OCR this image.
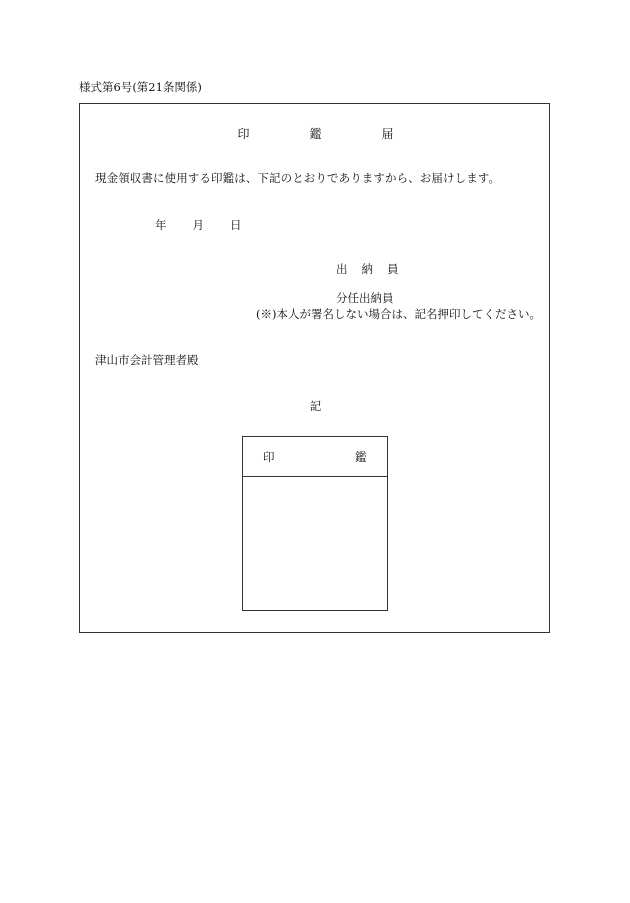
様式第6号(第21条関係)
印	鑑	届
現金領収書に使用する印鑑は、下記のとおりでありますから、お届けします。
年 月 日
出 納 員
分任出納員
(※)本人が署名しない場合は、記名押印してください。
津山市会計管理者殿
記
印	鑑
